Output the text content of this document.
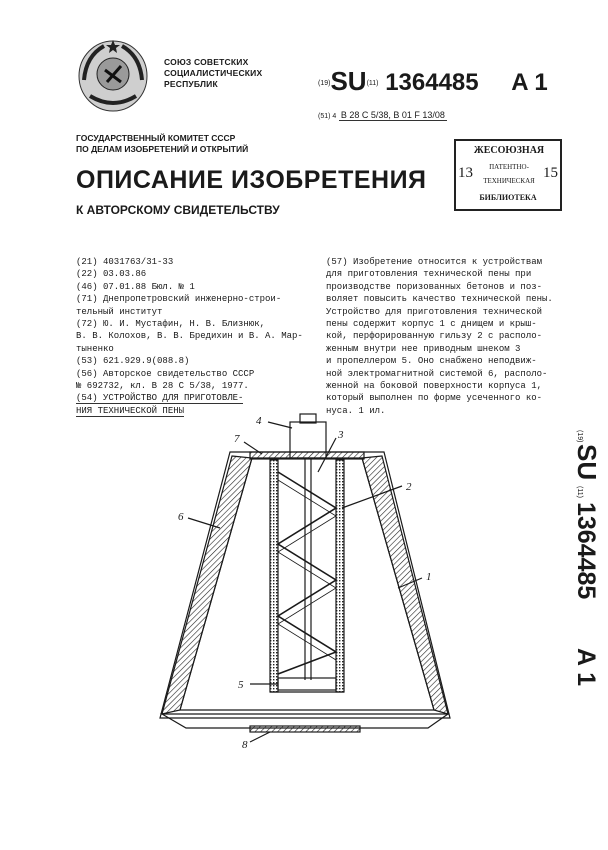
СОЮЗ СОВЕТСКИХ
СОЦИАЛИСТИЧЕСКИХ
РЕСПУБЛИК	(19)SU(11) 1364485 A 1
(51) 4 B 28 C 5/38, B 01 F 13/08
ГОСУДАРСТВЕННЫЙ КОМИТЕТ СССР
ПО ДЕЛАМ ИЗОБРЕТЕНИЙ И ОТКРЫТИЙ	ЖЕСОЮЗНАЯ
13	ПАТЕНТНО-
ТЕХНИЧЕСКАЯ 15
БИБЛИОТЕКА
ОПИСАНИЕ ИЗОБРЕТЕНИЯ
К АВТОРСКОМУ СВИДЕТЕЛЬСТВУ
(21) 4031763/31-33
(22) 03.03.86
(46) 07.01.88 Бюл. № 1
(71) Днепропетровский инженерно-строи-
тельный институт
(72) Ю. И. Мустафин, Н. В. Близнюк,
В. В. Колохов, В. В. Бредихин и В. А. Мар-
тыненко
(53) 621.929.9(088.8)
(56) Авторское свидетельство СССР
№ 692732, кл. В 28 С 5/38, 1977.
(54) УСТРОЙСТВО ДЛЯ ПРИГОТОВЛЕ-
НИЯ ТЕХНИЧЕСКОЙ ПЕНЫ
(57) Изобретение относится к устройствам
для приготовления технической пены при
производстве поризованных бетонов и поз-
воляет повысить качество технической пены.
Устройство для приготовления технической
пены содержит корпус 1 с днищем и крыш-
кой, перфорированную гильзу 2 с располо-
женным внутри нее приводным шнеком 3
и пропеллером 5. Оно снабжено неподвиж-
ной электромагнитной системой 6, располо-
женной на боковой поверхности корпуса 1,
который выполнен по форме усеченного ко-
нуса. 1 ил.
(19)
SU
(11)
1364485
A 1
4
3
7
2
6
1
5
8
